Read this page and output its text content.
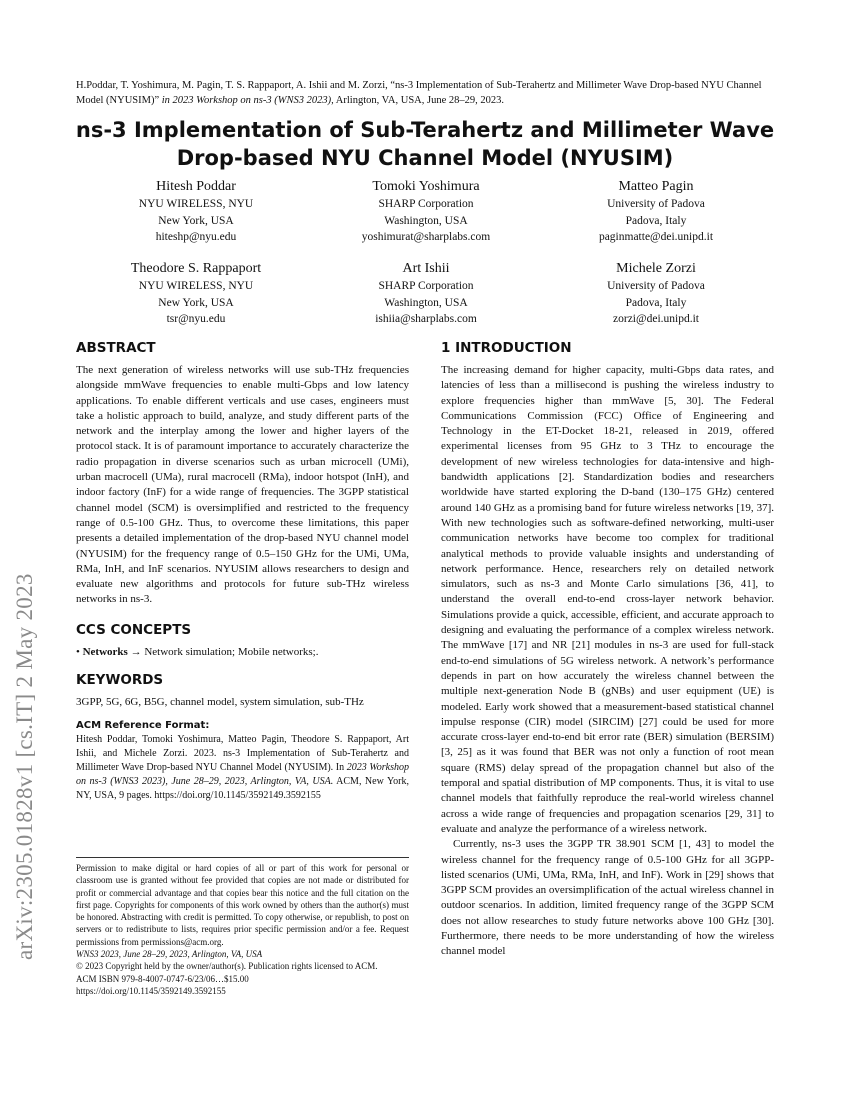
H.Poddar, T. Yoshimura, M. Pagin, T. S. Rappaport, A. Ishii and M. Zorzi, “ns-3 Implementation of Sub-Terahertz and Millimeter Wave Drop-based NYU Channel Model (NYUSIM)” in 2023 Workshop on ns-3 (WNS3 2023), Arlington, VA, USA, June 28–29, 2023.
ns-3 Implementation of Sub-Terahertz and Millimeter Wave
Drop-based NYU Channel Model (NYUSIM)
Hitesh Poddar
NYU WIRELESS, NYU
New York, USA
hiteshp@nyu.edu
Tomoki Yoshimura
SHARP Corporation
Washington, USA
yoshimurat@sharplabs.com
Matteo Pagin
University of Padova
Padova, Italy
paginmatte@dei.unipd.it
Theodore S. Rappaport
NYU WIRELESS, NYU
New York, USA
tsr@nyu.edu
Art Ishii
SHARP Corporation
Washington, USA
ishiia@sharplabs.com
Michele Zorzi
University of Padova
Padova, Italy
zorzi@dei.unipd.it
arXiv:2305.01828v1 [cs.IT] 2 May 2023
ABSTRACT

The next generation of wireless networks will use sub-THz frequencies alongside mmWave frequencies to enable multi-Gbps and low latency applications. To enable different verticals and use cases, engineers must take a holistic approach to build, analyze, and study different parts of the network and the interplay among the lower and higher layers of the protocol stack. It is of paramount importance to accurately characterize the radio propagation in diverse scenarios such as urban microcell (UMi), urban macrocell (UMa), rural macrocell (RMa), indoor hotspot (InH), and indoor factory (InF) for a wide range of frequencies. The 3GPP statistical channel model (SCM) is oversimplified and restricted to the frequency range of 0.5-100 GHz. Thus, to overcome these limitations, this paper presents a detailed implementation of the drop-based NYU channel model (NYUSIM) for the frequency range of 0.5–150 GHz for the UMi, UMa, RMa, InH, and InF scenarios. NYUSIM allows researchers to design and evaluate new algorithms and protocols for future sub-THz wireless networks in ns-3.

CCS CONCEPTS

• Networks → Network simulation; Mobile networks;.

KEYWORDS

3GPP, 5G, 6G, B5G, channel model, system simulation, sub-THz

ACM Reference Format:

Hitesh Poddar, Tomoki Yoshimura, Matteo Pagin, Theodore S. Rappaport, Art Ishii, and Michele Zorzi. 2023. ns-3 Implementation of Sub-Terahertz and Millimeter Wave Drop-based NYU Channel Model (NYUSIM). In 2023 Workshop on ns-3 (WNS3 2023), June 28–29, 2023, Arlington, VA, USA. ACM, New York, NY, USA, 9 pages. https://doi.org/10.1145/3592149.3592155

Permission to make digital or hard copies of all or part of this work for personal or classroom use is granted without fee provided that copies are not made or distributed for profit or commercial advantage and that copies bear this notice and the full citation on the first page. Copyrights for components of this work owned by others than the author(s) must be honored. Abstracting with credit is permitted. To copy otherwise, or republish, to post on servers or to redistribute to lists, requires prior specific permission and/or a fee. Request permissions from permissions@acm.org.

WNS3 2023, June 28–29, 2023, Arlington, VA, USA

© 2023 Copyright held by the owner/author(s). Publication rights licensed to ACM.

ACM ISBN 979-8-4007-0747-6/23/06…$15.00

https://doi.org/10.1145/3592149.3592155

1 INTRODUCTION

The increasing demand for higher capacity, multi-Gbps data rates, and latencies of less than a millisecond is pushing the wireless industry to explore frequencies higher than mmWave [5, 30]. The Federal Communications Commission (FCC) Office of Engineering and Technology in the ET-Docket 18-21, released in 2019, offered experimental licenses from 95 GHz to 3 THz to encourage the development of new wireless technologies for data-intensive and high-bandwidth applications [2]. Standardization bodies and researchers worldwide have started exploring the D-band (130–175 GHz) centered around 140 GHz as a promising band for future wireless networks [19, 37]. With new technologies such as software-defined networking, multi-user communication networks have become too complex for traditional analytical methods to provide valuable insights and understanding of network performance. Hence, researchers rely on detailed network simulators, such as ns-3 and Monte Carlo simulations [36, 41], to understand the overall end-to-end cross-layer network behavior. Simulations provide a quick, accessible, efficient, and accurate approach to designing and evaluating the performance of a complex wireless network. The mmWave [17] and NR [21] modules in ns-3 are used for full-stack end-to-end simulations of 5G wireless network. A network’s performance depends in part on how accurately the wireless channel between the multiple next-generation Node B (gNBs) and user equipment (UE) is modeled. Early work showed that a measurement-based statistical channel impulse response (CIR) model (SIRCIM) [27] could be used for more accurate cross-layer end-to-end bit error rate (BER) simulation (BERSIM) [3, 25] as it was found that BER was not only a function of root mean square (RMS) delay spread of the propagation channel but also of the temporal and spatial distribution of MP components. Thus, it is vital to use channel models that faithfully reproduce the real-world wireless channel across a wide range of frequencies and propagation scenarios [29, 31] to evaluate and analyze the performance of a wireless network.

Currently, ns-3 uses the 3GPP TR 38.901 SCM [1, 43] to model the wireless channel for the frequency range of 0.5-100 GHz for all 3GPP-listed scenarios (UMi, UMa, RMa, InH, and InF). Work in [29] shows that 3GPP SCM provides an oversimplification of the actual wireless channel in outdoor scenarios. In addition, limited frequency range of the 3GPP SCM does not allow researches to study future networks above 100 GHz [30]. Furthermore, there needs to be more understanding of how the wireless channel model
